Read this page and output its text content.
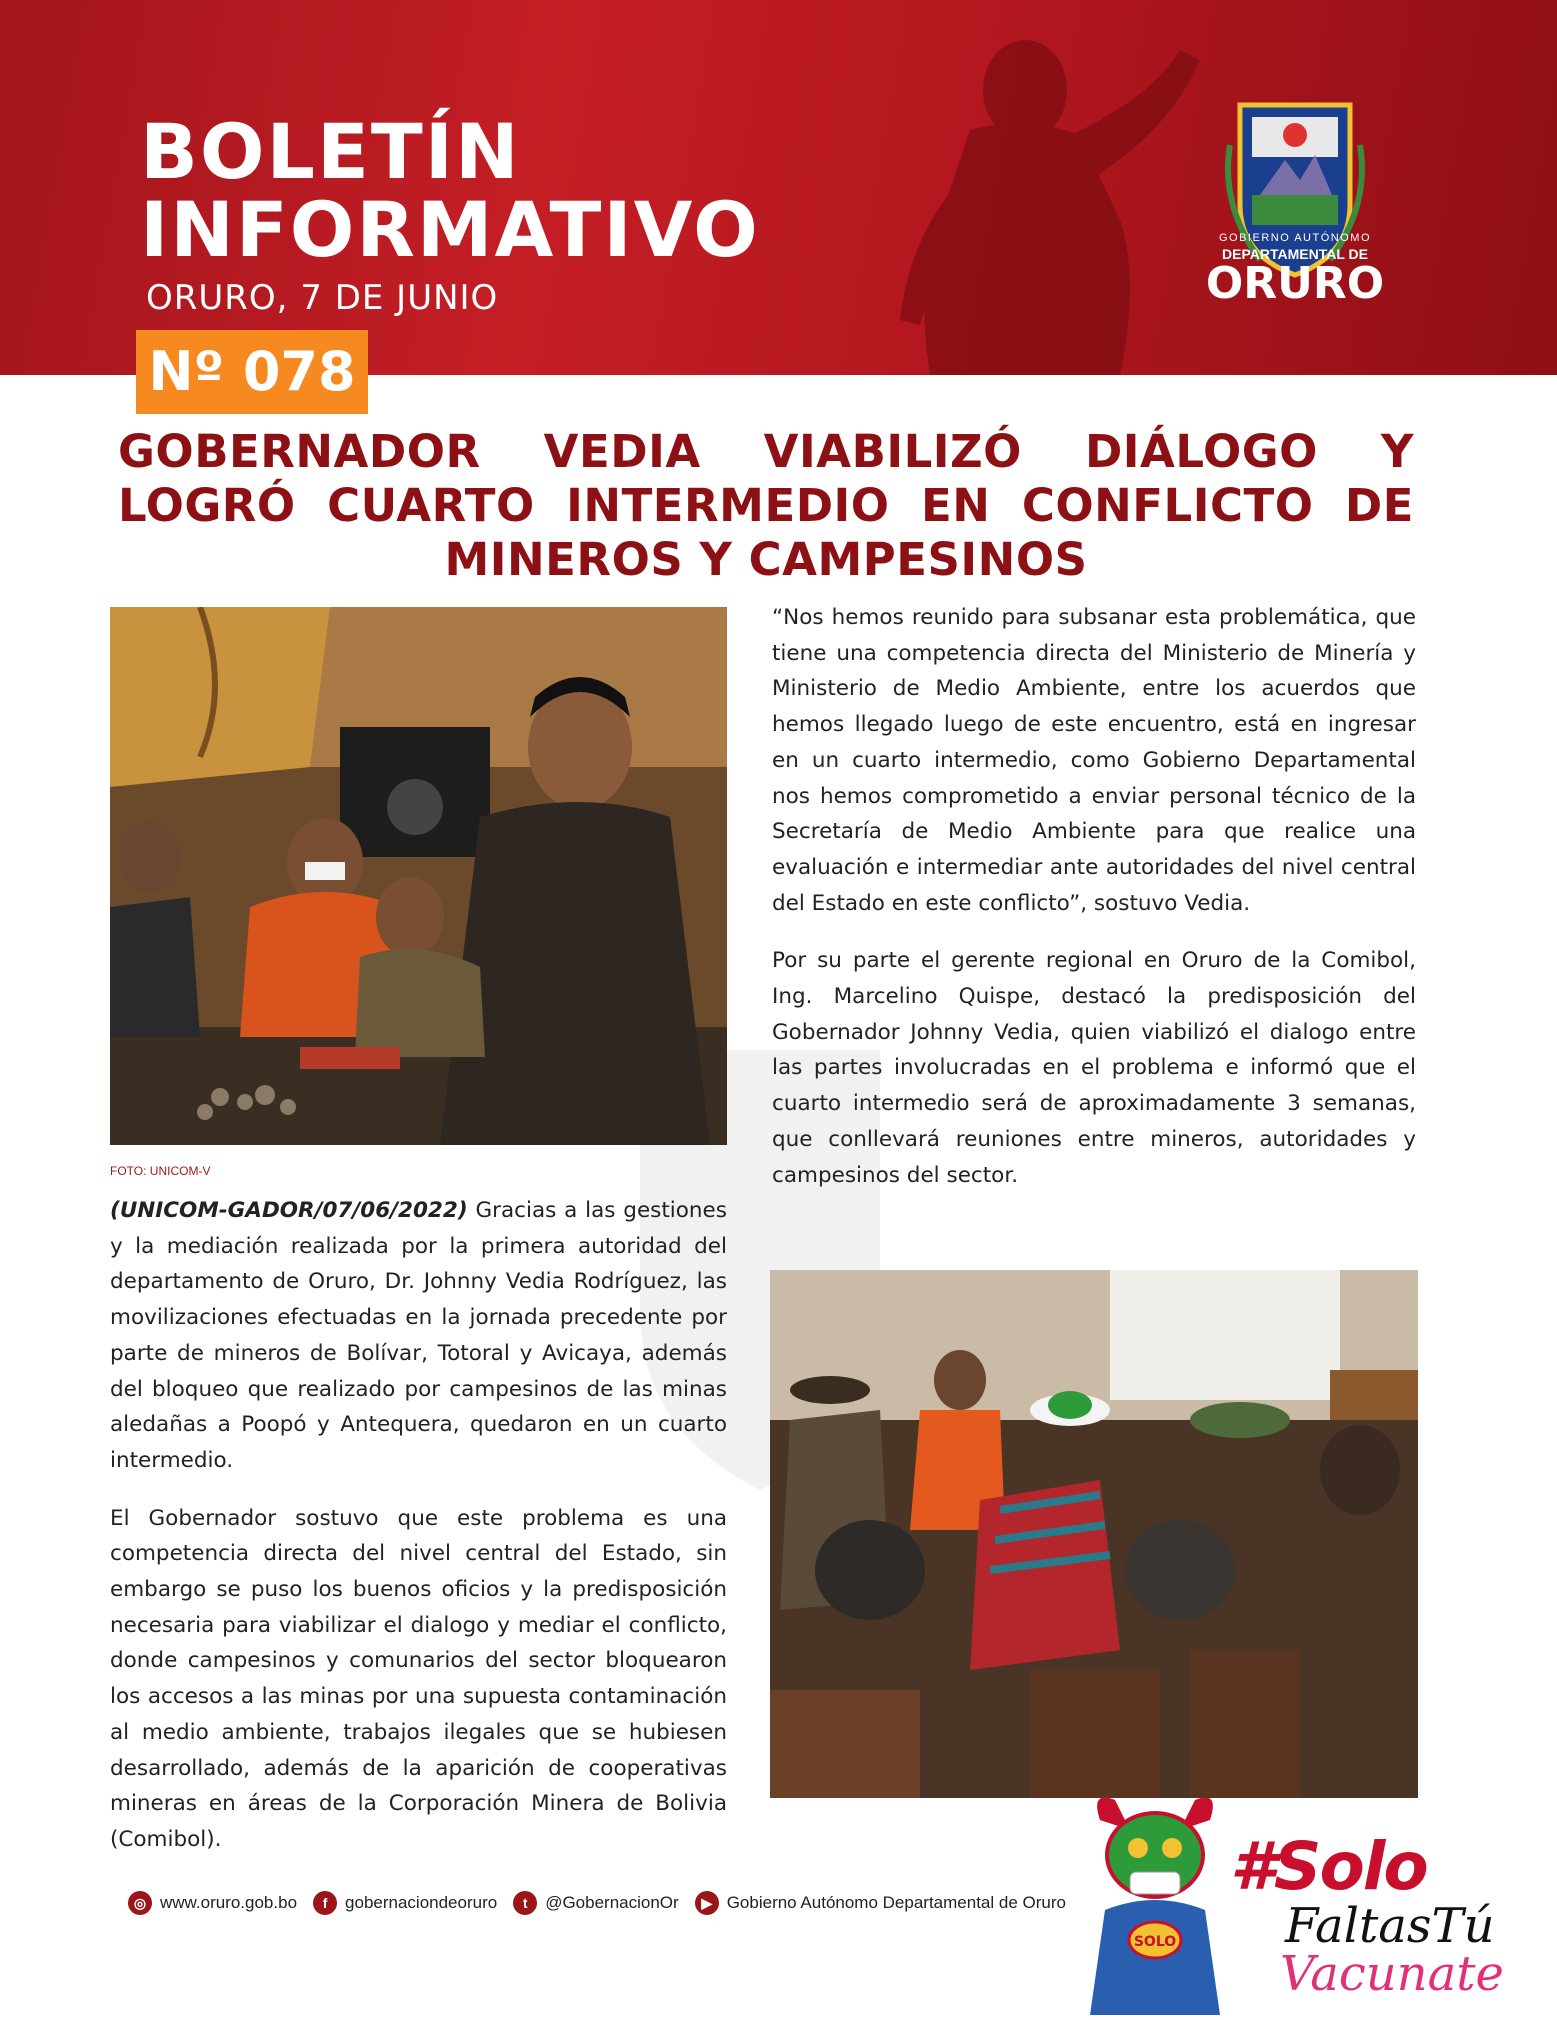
BOLETÍN
INFORMATIVO
ORURO, 7 DE JUNIO
GOBIERNO AUTÓNOMO
DEPARTAMENTAL DE
ORURO
Nº 078
GOBERNADOR VEDIA VIABILIZÓ DIÁLOGO Y LOGRÓ CUARTO INTERMEDIO EN CONFLICTO DE MINEROS Y CAMPESINOS
FOTO: UNICOM-V

(UNICOM-GADOR/07/06/2022) Gracias a las gestiones y la mediación realizada por la primera autoridad del departamento de Oruro, Dr. Johnny Vedia Rodríguez, las movilizaciones efectuadas en la jornada precedente por parte de mineros de Bolívar, Totoral y Avicaya, además del bloqueo que realizado por campesinos de las minas aledañas a Poopó y Antequera, quedaron en un cuarto intermedio.

El Gobernador sostuvo que este problema es una competencia directa del nivel central del Estado, sin embargo se puso los buenos oficios y la predisposición necesaria para viabilizar el dialogo y mediar el conflicto, donde campesinos y comunarios del sector bloquearon los accesos a las minas por una supuesta contaminación al medio ambiente, trabajos ilegales que se hubiesen desarrollado, además de la aparición de cooperativas mineras en áreas de la Corporación Minera de Bolivia (Comibol).

“Nos hemos reunido para subsanar esta problemática, que tiene una competencia directa del Ministerio de Minería y Ministerio de Medio Ambiente, entre los acuerdos que hemos llegado luego de este encuentro, está en ingresar en un cuarto intermedio, como Gobierno Departamental nos hemos comprometido a enviar personal técnico de la Secretaría de Medio Ambiente para que realice una evaluación e intermediar ante autoridades del nivel central del Estado en este conflicto”, sostuvo Vedia.

Por su parte el gerente regional en Oruro de la Comibol, Ing. Marcelino Quispe, destacó la predisposición del Gobernador Johnny Vedia, quien viabilizó el dialogo entre las partes involucradas en el problema e informó que el cuarto intermedio será de aproximadamente 3 semanas, que conllevará reuniones entre mineros, autoridades y campesinos del sector.

◎ www.oruro.gob.bo	f	gobernaciondeoruro	t	@GobernacionOr	▶ Gobierno Autónomo Departamental de Oruro
SOLO
#Solo
FaltasTú
Vacunate
